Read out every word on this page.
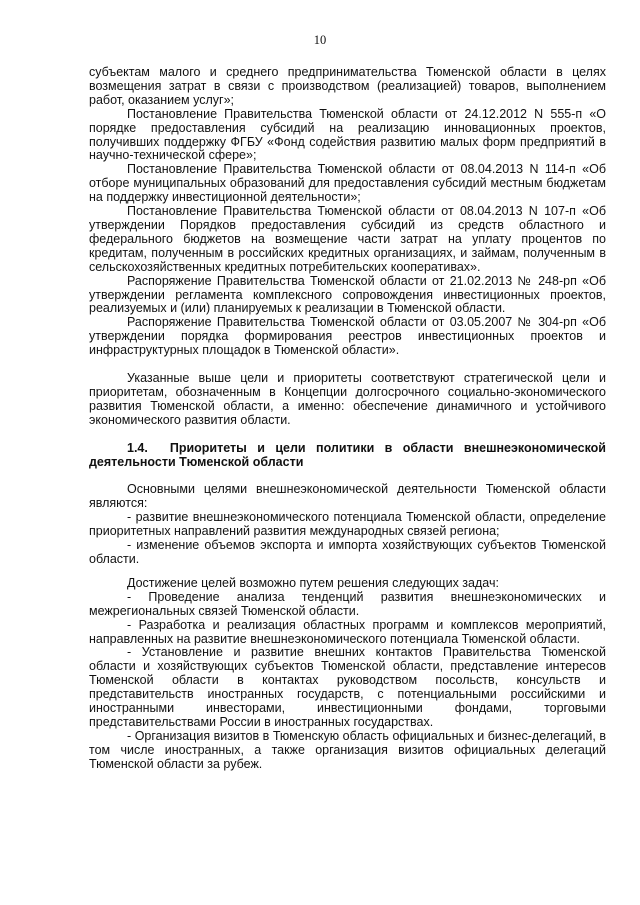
10

субъектам малого и среднего предпринимательства Тюменской области в целях возмещения затрат в связи с производством (реализацией) товаров, выполнением работ, оказанием услуг»;

Постановление Правительства Тюменской области от 24.12.2012 N 555-п «О порядке предоставления субсидий на реализацию инновационных проектов, получивших поддержку ФГБУ «Фонд содействия развитию малых форм предприятий в научно-технической сфере»;

Постановление Правительства Тюменской области от 08.04.2013 N 114-п «Об отборе муниципальных образований для предоставления субсидий местным бюджетам на поддержку инвестиционной деятельности»;

Постановление Правительства Тюменской области от 08.04.2013 N 107-п «Об утверждении Порядков предоставления субсидий из средств областного и федерального бюджетов на возмещение части затрат на уплату процентов по кредитам, полученным в российских кредитных организациях, и займам, полученным в сельскохозяйственных кредитных потребительских кооперативах».

Распоряжение Правительства Тюменской области от 21.02.2013 № 248-рп «Об утверждении регламента комплексного сопровождения инвестиционных проектов, реализуемых и (или) планируемых к реализации в Тюменской области.

Распоряжение Правительства Тюменской области от 03.05.2007 № 304-рп «Об утверждении порядка формирования реестров инвестиционных проектов и инфраструктурных площадок в Тюменской области».

Указанные выше цели и приоритеты соответствуют стратегической цели и приоритетам, обозначенным в Концепции долгосрочного социально-экономического развития Тюменской области, а именно: обеспечение динамичного и устойчивого экономического развития области.

1.4. Приоритеты и цели политики в области внешнеэкономической деятельности Тюменской области

Основными целями внешнеэкономической деятельности Тюменской области являются:

- развитие внешнеэкономического потенциала Тюменской области, определение приоритетных направлений развития международных связей региона;

- изменение объемов экспорта и импорта хозяйствующих субъектов Тюменской области.

Достижение целей возможно путем решения следующих задач:

- Проведение анализа тенденций развития внешнеэкономических и межрегиональных связей Тюменской области.

- Разработка и реализация областных программ и комплексов мероприятий, направленных на развитие внешнеэкономического потенциала Тюменской области.

- Установление и развитие внешних контактов Правительства Тюменской области и хозяйствующих субъектов Тюменской области, представление интересов Тюменской области в контактах руководством посольств, консульств и представительств иностранных государств, с потенциальными российскими и иностранными инвесторами, инвестиционными фондами, торговыми представительствами России в иностранных государствах.

- Организация визитов в Тюменскую область официальных и бизнес-делегаций, в том числе иностранных, а также организация визитов официальных делегаций Тюменской области за рубеж.
